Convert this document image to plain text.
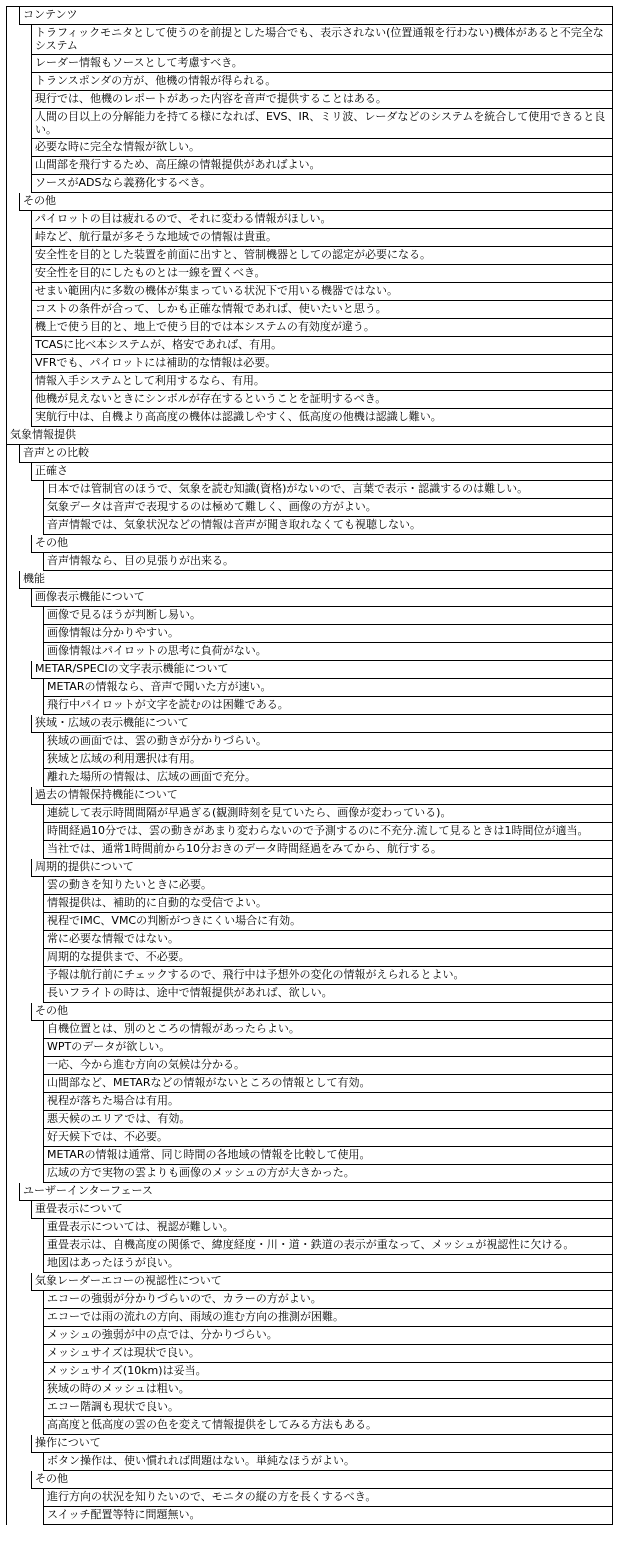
コンテンツ
トラフィックモニタとして使うのを前提とした場合でも、表示されない(位置通報を行わない)機体があると不完全なシステム
レーダー情報もソースとして考慮すべき。
トランスポンダの方が、他機の情報が得られる。
現行では、他機のレポートがあった内容を音声で提供することはある。
人間の目以上の分解能力を持てる様になれば、EVS、IR、ミリ波、レーダなどのシステムを統合して使用できると良い。
必要な時に完全な情報が欲しい。
山間部を飛行するため、高圧線の情報提供があればよい。
ソースがADSなら義務化するべき。
その他
パイロットの目は疲れるので、それに変わる情報がほしい。
峠など、航行量が多そうな地域での情報は貴重。
安全性を目的とした装置を前面に出すと、管制機器としての認定が必要になる。
安全性を目的にしたものとは一線を置くべき。
せまい範囲内に多数の機体が集まっている状況下で用いる機器ではない。
コストの条件が合って、しかも正確な情報であれば、使いたいと思う。
機上で使う目的と、地上で使う目的では本システムの有効度が違う。
TCASに比べ本システムが、格安であれば、有用。
VFRでも、パイロットには補助的な情報は必要。
情報入手システムとして利用するなら、有用。
他機が見えないときにシンボルが存在するということを証明するべき。
実航行中は、自機より高高度の機体は認識しやすく、低高度の他機は認識し難い。
気象情報提供
音声との比較
正確さ
日本では管制官のほうで、気象を読む知識(資格)がないので、言葉で表示・認識するのは難しい。
気象データは音声で表現するのは極めて難しく、画像の方がよい。
音声情報では、気象状況などの情報は音声が聞き取れなくても視聴しない。
その他
音声情報なら、目の見張りが出来る。
機能
画像表示機能について
画像で見るほうが判断し易い。
画像情報は分かりやすい。
画像情報はパイロットの思考に負荷がない。
METAR/SPECIの文字表示機能について
METARの情報なら、音声で聞いた方が速い。
飛行中パイロットが文字を読むのは困難である。
狭域・広域の表示機能について
狭域の画面では、雲の動きが分かりづらい。
狭域と広域の利用選択は有用。
離れた場所の情報は、広域の画面で充分。
過去の情報保持機能について
連続して表示時間間隔が早過ぎる(観測時刻を見ていたら、画像が変わっている)。
時間経過10分では、雲の動きがあまり変わらないので予測するのに不充分.流して見るときは1時間位が適当。
当社では、通常1時間前から10分おきのデータ時間経過をみてから、航行する。
周期的提供について
雲の動きを知りたいときに必要。
情報提供は、補助的に自動的な受信でよい。
視程でIMC、VMCの判断がつきにくい場合に有効。
常に必要な情報ではない。
周期的な提供まで、不必要。
予報は航行前にチェックするので、飛行中は予想外の変化の情報がえられるとよい。
長いフライトの時は、途中で情報提供があれば、欲しい。
その他
自機位置とは、別のところの情報があったらよい。
WPTのデータが欲しい。
一応、今から進む方向の気候は分かる。
山間部など、METARなどの情報がないところの情報として有効。
視程が落ちた場合は有用。
悪天候のエリアでは、有効。
好天候下では、不必要。
METARの情報は通常、同じ時間の各地域の情報を比較して使用。
広域の方で実物の雲よりも画像のメッシュの方が大きかった。
ユーザーインターフェース
重畳表示について
重畳表示については、視認が難しい。
重畳表示は、自機高度の関係で、緯度経度・川・道・鉄道の表示が重なって、メッシュが視認性に欠ける。
地図はあったほうが良い。
気象レーダーエコーの視認性について
エコーの強弱が分かりづらいので、カラーの方がよい。
エコーでは雨の流れの方向、雨域の進む方向の推測が困難。
メッシュの強弱が中の点では、分かりづらい。
メッシュサイズは現状で良い。
メッシュサイズ(10km)は妥当。
狭域の時のメッシュは粗い。
エコー階調も現状で良い。
高高度と低高度の雲の色を変えて情報提供をしてみる方法もある。
操作について
ボタン操作は、使い慣れれば問題はない。単純なほうがよい。
その他
進行方向の状況を知りたいので、モニタの縦の方を長くするべき。
スイッチ配置等特に問題無い。
